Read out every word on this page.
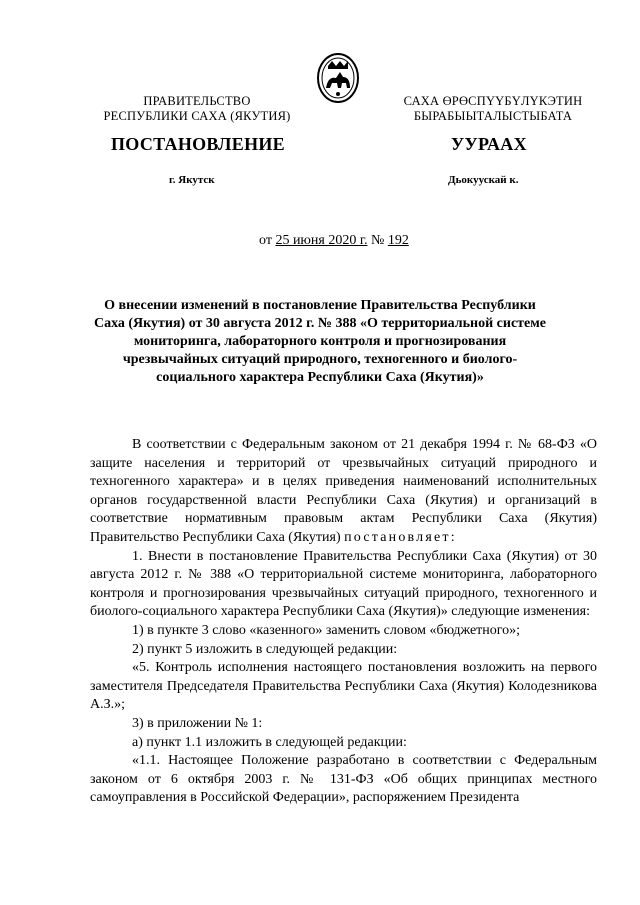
ПРАВИТЕЛЬСТВО
РЕСПУБЛИКИ САХА (ЯКУТИЯ)
САХА ӨРӨСПҮҮБҮЛҮКЭТИН
БЫРАБЫЫТАЛЫСТЫБАТА
ПОСТАНОВЛЕНИЕ	УУРААХ
г. Якутск	Дьокуускай к.
от 25 июня 2020 г. № 192
О внесении изменений в постановление Правительства Республики
Саха (Якутия) от 30 августа 2012 г. № 388 «О территориальной системе
мониторинга, лабораторного контроля и прогнозирования
чрезвычайных ситуаций природного, техногенного и биолого-
социального характера Республики Саха (Якутия)»

В соответствии с Федеральным законом от 21 декабря 1994 г. № 68-ФЗ «О защите населения и территорий от чрезвычайных ситуаций природного и техногенного характера» и в целях приведения наименований исполнительных органов государственной власти Республики Саха (Якутия) и организаций в соответствие нормативным правовым актам Республики Саха (Якутия) Правительство Республики Саха (Якутия) постановляет:

1. Внести в постановление Правительства Республики Саха (Якутия) от 30 августа 2012 г. № 388 «О территориальной системе мониторинга, лабораторного контроля и прогнозирования чрезвычайных ситуаций природного, техногенного и биолого-социального характера Республики Саха (Якутия)» следующие изменения:

1) в пункте 3 слово «казенного» заменить словом «бюджетного»;

2) пункт 5 изложить в следующей редакции:

«5. Контроль исполнения настоящего постановления возложить на первого заместителя Председателя Правительства Республики Саха (Якутия) Колодезникова А.З.»;

3) в приложении № 1:

а) пункт 1.1 изложить в следующей редакции:

«1.1. Настоящее Положение разработано в соответствии с Федеральным законом от 6 октября 2003 г. № 131-ФЗ «Об общих принципах местного самоуправления в Российской Федерации», распоряжением Президента
